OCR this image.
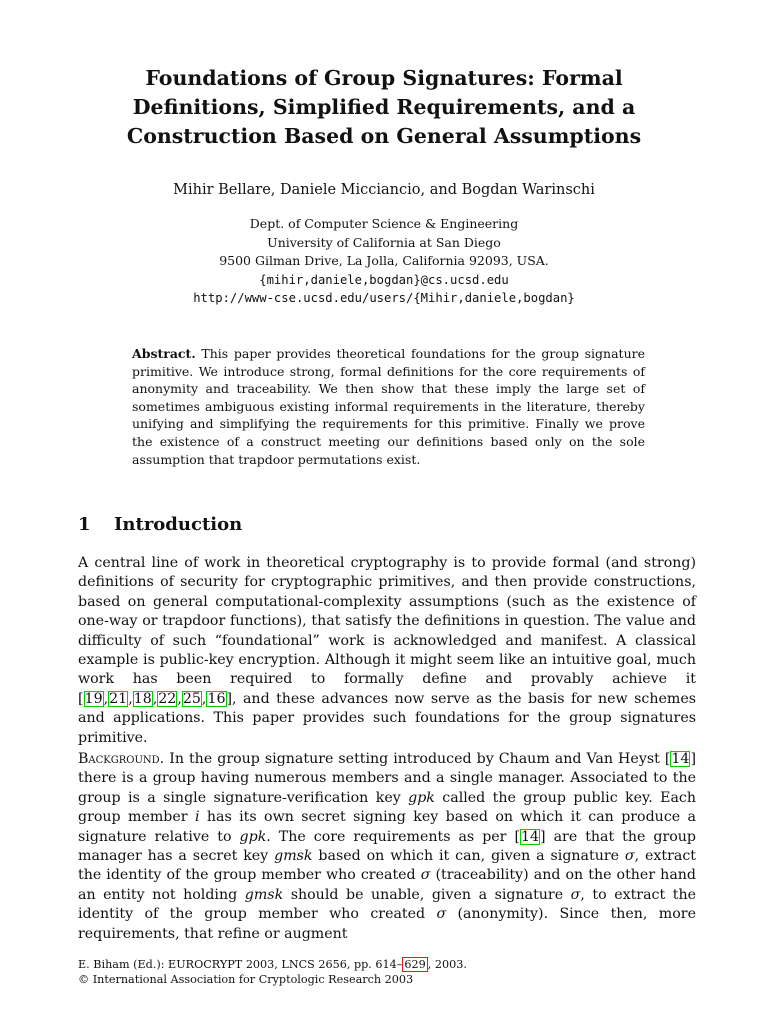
Foundations of Group Signatures: Formal
Definitions, Simplified Requirements, and a
Construction Based on General Assumptions
Mihir Bellare, Daniele Micciancio, and Bogdan Warinschi
Dept. of Computer Science & Engineering
University of California at San Diego
9500 Gilman Drive, La Jolla, California 92093, USA.
{mihir,daniele,bogdan}@cs.ucsd.edu
http://www-cse.ucsd.edu/users/{Mihir,daniele,bogdan}
Abstract. This paper provides theoretical foundations for the group signature primitive. We introduce strong, formal definitions for the core requirements of anonymity and traceability. We then show that these imply the large set of sometimes ambiguous existing informal requirements in the literature, thereby unifying and simplifying the requirements for this primitive. Finally we prove the existence of a construct meeting our definitions based only on the sole assumption that trapdoor permutations exist.
1 Introduction
A central line of work in theoretical cryptography is to provide formal (and strong) definitions of security for cryptographic primitives, and then provide constructions, based on general computational-complexity assumptions (such as the existence of one-way or trapdoor functions), that satisfy the definitions in question. The value and difficulty of such “foundational” work is acknowledged and manifest. A classical example is public-key encryption. Although it might seem like an intuitive goal, much work has been required to formally define and provably achieve it [19,21,18,22,25,16], and these advances now serve as the basis for new schemes and applications. This paper provides such foundations for the group signatures primitive.
Background. In the group signature setting introduced by Chaum and Van Heyst [14] there is a group having numerous members and a single manager. Associated to the group is a single signature-verification key gpk called the group public key. Each group member i has its own secret signing key based on which it can produce a signature relative to gpk. The core requirements as per [14] are that the group manager has a secret key gmsk based on which it can, given a signature σ, extract the identity of the group member who created σ (traceability) and on the other hand an entity not holding gmsk should be unable, given a signature σ, to extract the identity of the group member who created σ (anonymity). Since then, more requirements, that refine or augment
E. Biham (Ed.): EUROCRYPT 2003, LNCS 2656, pp. 614– 629 , 2003.
© International Association for Cryptologic Research 2003
